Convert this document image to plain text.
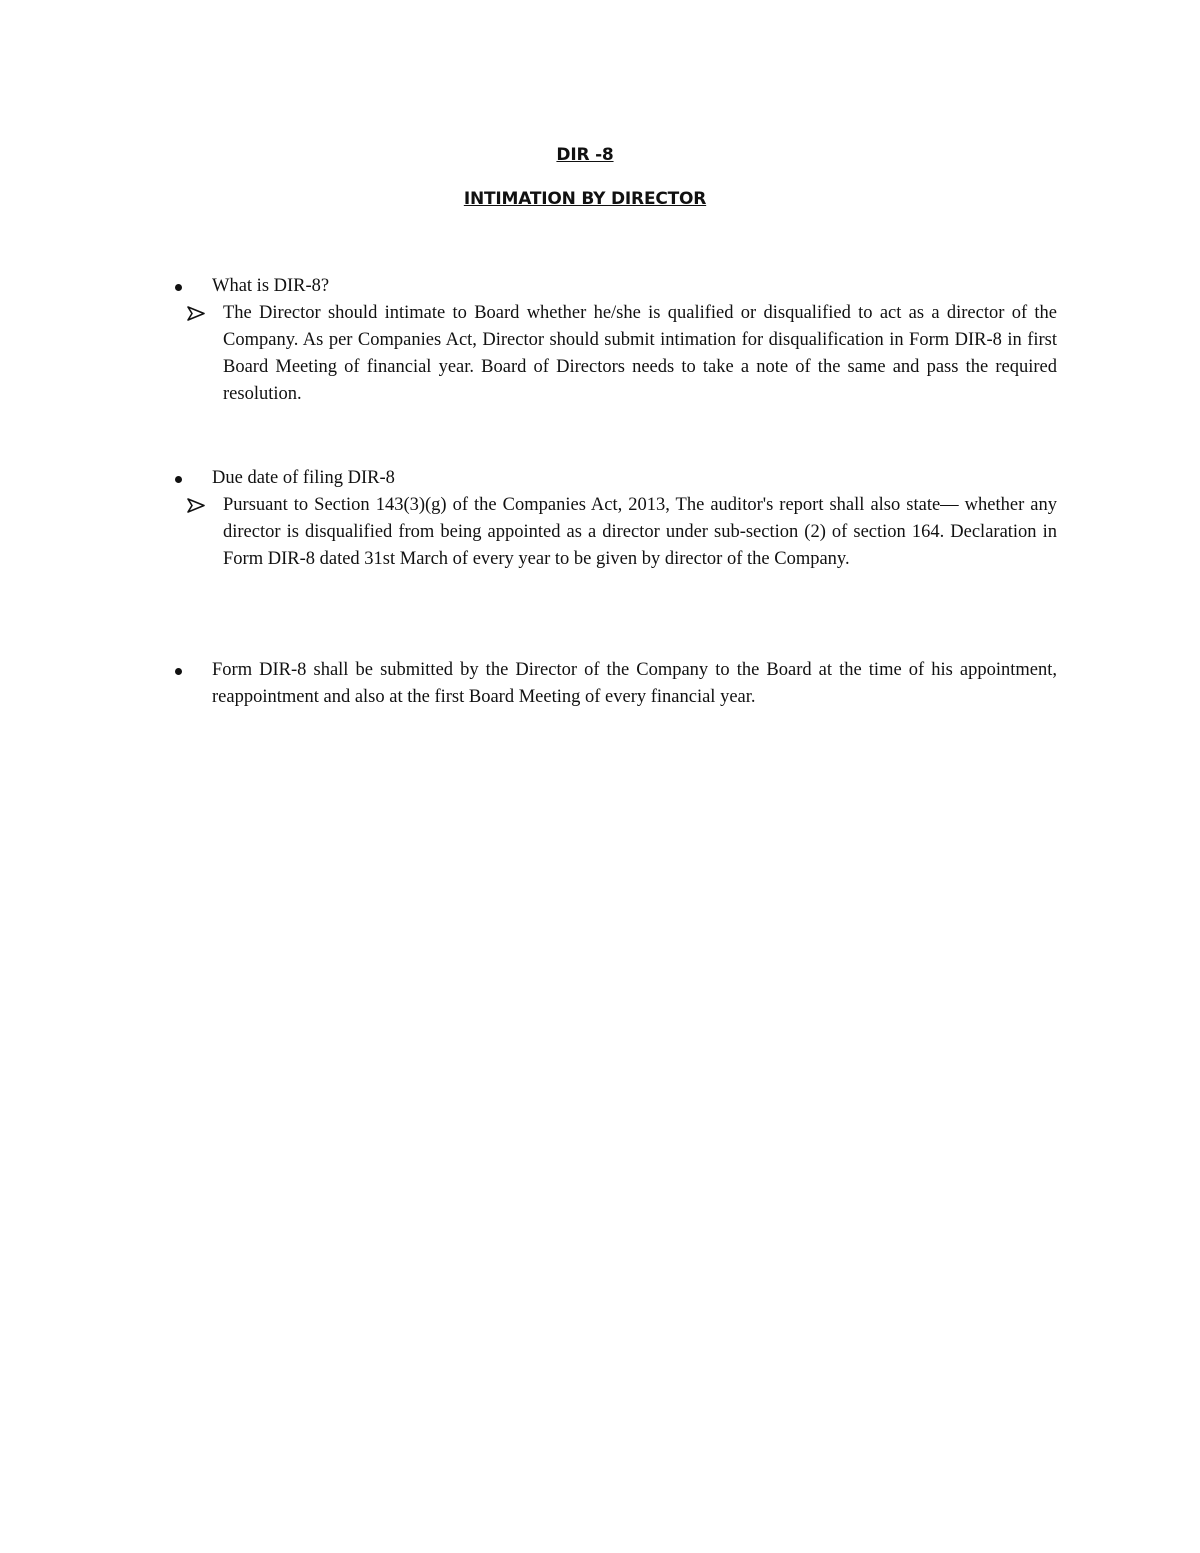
DIR -8
INTIMATION BY DIRECTOR
What is DIR-8?
The Director should intimate to Board whether he/she is qualified or disqualified to act as a director of the Company. As per Companies Act, Director should submit intimation for disqualification in Form DIR-8 in first Board Meeting of financial year. Board of Directors needs to take a note of the same and pass the required resolution.
Due date of filing DIR-8
Pursuant to Section 143(3)(g) of the Companies Act, 2013, The auditor's report shall also state— whether any director is disqualified from being appointed as a director under sub-section (2) of section 164. Declaration in Form DIR-8 dated 31st March of every year to be given by director of the Company.
Form DIR-8 shall be submitted by the Director of the Company to the Board at the time of his appointment, reappointment and also at the first Board Meeting of every financial year.
